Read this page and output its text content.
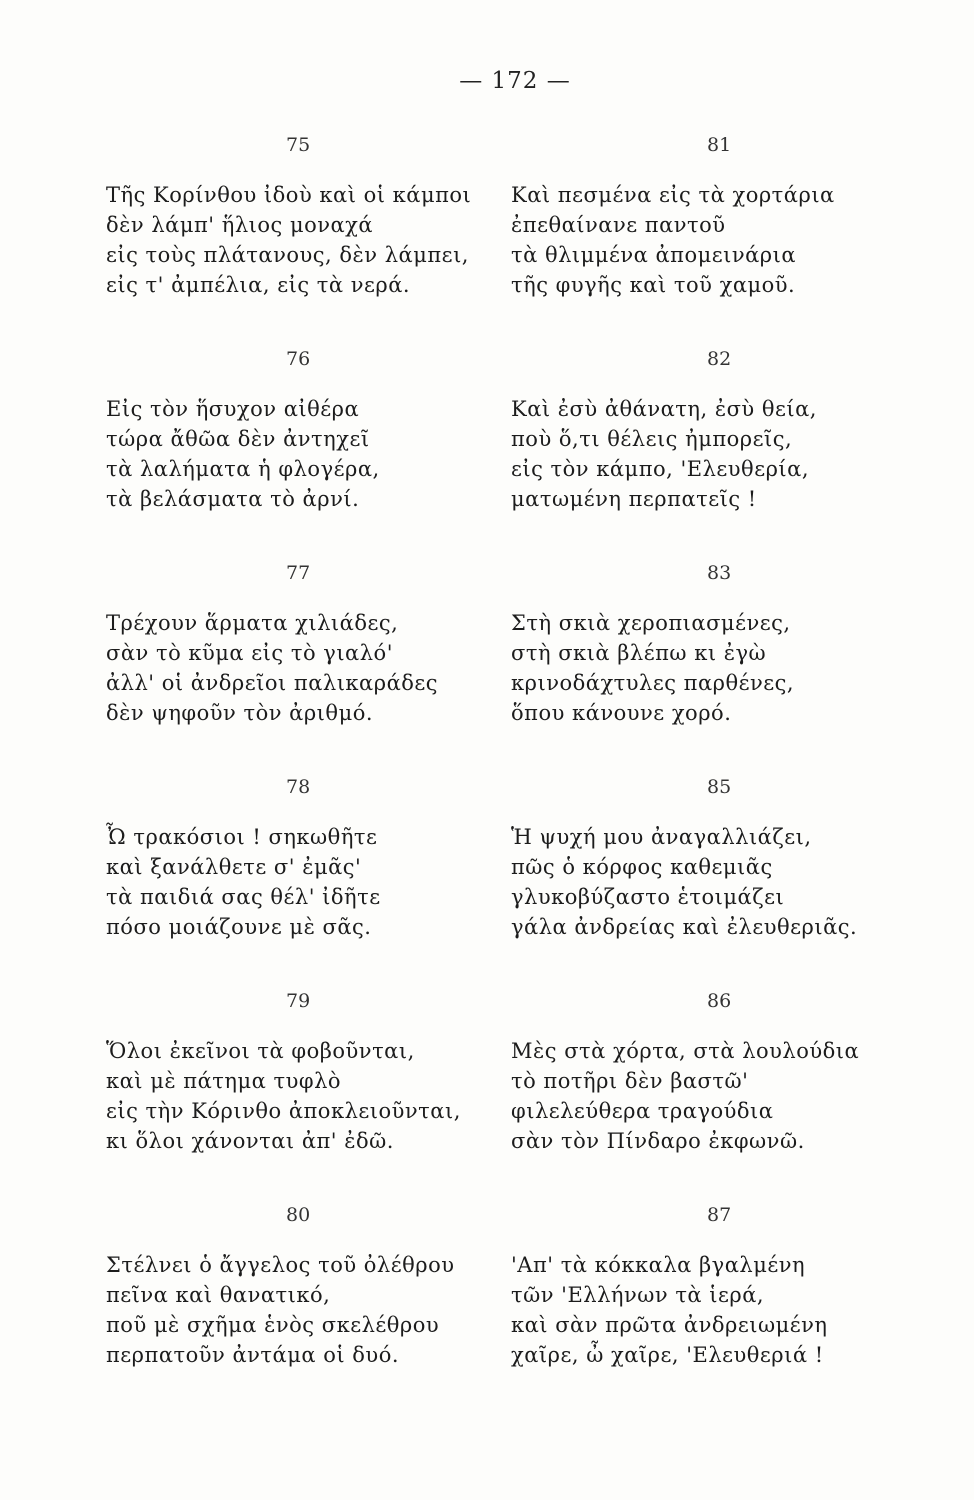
— 172 —
75
Τῆς Κορίνθου ἰδοὺ καὶ οἱ κάμποι
δὲν λάμπ' ἥλιος μοναχά
εἰς τοὺς πλάτανους, δὲν λάμπει,
εἰς τ' ἀμπέλια, εἰς τὰ νερά.
76
Εἰς τὸν ἥσυχον αἰθέρα
τώρα ἄθῶα δὲν ἀντηχεῖ
τὰ λαλήματα ἡ φλογέρα,
τὰ βελάσματα τὸ ἀρνί.
77
Τρέχουν ἅρματα χιλιάδες,
σὰν τὸ κῦμα εἰς τὸ γιαλό'
ἀλλ' οἱ ἀνδρεῖοι παλικαράδες
δὲν ψηφοῦν τὸν ἀριθμό.
78
Ὦ τρακόσιοι ! σηκωθῆτε
καὶ ξανάλθετε σ' ἐμᾶς'
τὰ παιδιά σας θέλ' ἰδῆτε
πόσο μοιάζουνε μὲ σᾶς.
79
Ὅλοι ἐκεῖνοι τὰ φοβοῦνται,
καὶ μὲ πάτημα τυφλὸ
εἰς τὴν Κόρινθο ἀποκλειοῦνται,
κι ὅλοι χάνονται ἀπ' ἐδῶ.
80
Στέλνει ὁ ἄγγελος τοῦ ὀλέθρου
πεῖνα καὶ θανατικό,
ποῦ μὲ σχῆμα ἑνὸς σκελέθρου
περπατοῦν ἀντάμα οἱ δυό.
81
Καὶ πεσμένα εἰς τὰ χορτάρια
ἐπεθαίνανε παντοῦ
τὰ θλιμμένα ἀπομεινάρια
τῆς φυγῆς καὶ τοῦ χαμοῦ.
82
Καὶ ἐσὺ ἀθάνατη, ἐσὺ θεία,
ποὺ ὅ,τι θέλεις ἠμπορεῖς,
εἰς τὸν κάμπο, 'Ελευθερία,
ματωμένη περπατεῖς !
83
Στὴ σκιὰ χεροπιασμένες,
στὴ σκιὰ βλέπω κι ἐγὼ
κρινοδάχτυλες παρθένες,
ὅπου κάνουνε χορό.
85
Ἡ ψυχή μου ἀναγαλλιάζει,
πῶς ὁ κόρφος καθεμιᾶς
γλυκοβύζαστο ἑτοιμάζει
γάλα ἀνδρείας καὶ ἐλευθεριᾶς.
86
Μὲς στὰ χόρτα, στὰ λουλούδια
τὸ ποτῆρι δὲν βαστῶ'
φιλελεύθερα τραγούδια
σὰν τὸν Πίνδαρο ἐκφωνῶ.
87
'Απ' τὰ κόκκαλα βγαλμένη
τῶν 'Ελλήνων τὰ ἱερά,
καὶ σὰν πρῶτα ἀνδρειωμένη
χαῖρε, ὦ χαῖρε, 'Ελευθεριά !
